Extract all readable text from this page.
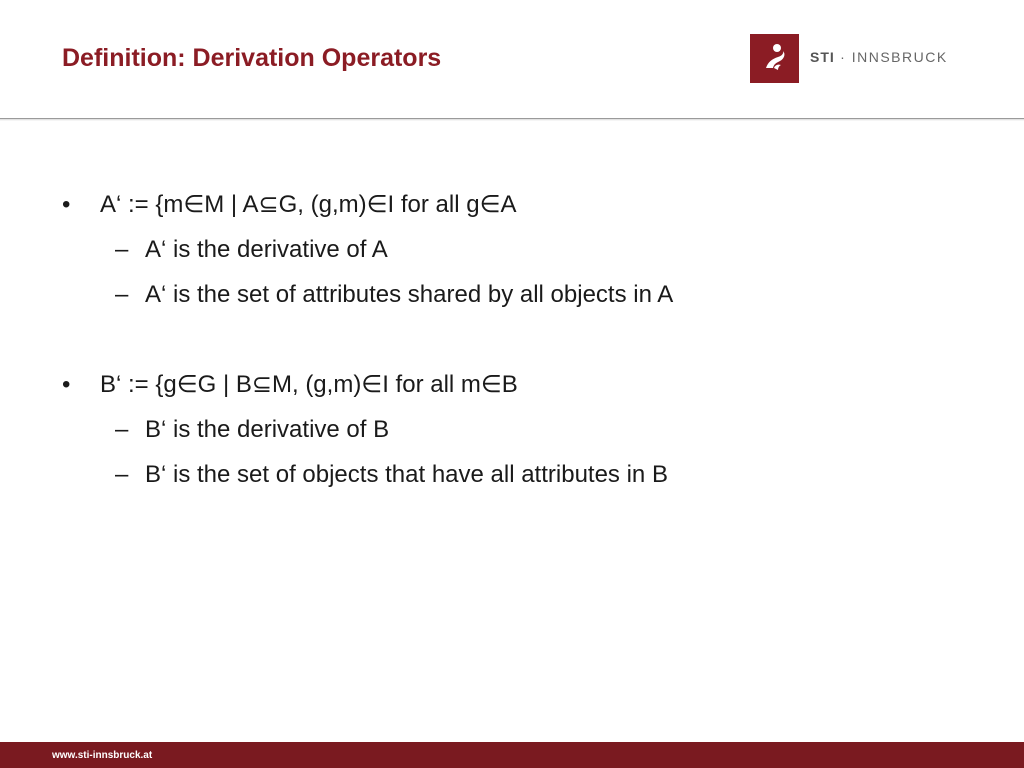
Definition: Derivation Operators	STI · INNSBRUCK
• A‘ := {m∈M | A⊆G, (g,m)∈I for all g∈A
– A‘ is the derivative of A
– A‘ is the set of attributes shared by all objects in A
• B‘ := {g∈G | B⊆M, (g,m)∈I for all m∈B
– B‘ is the derivative of B
– B‘ is the set of objects that have all attributes in B
www.sti-innsbruck.at
